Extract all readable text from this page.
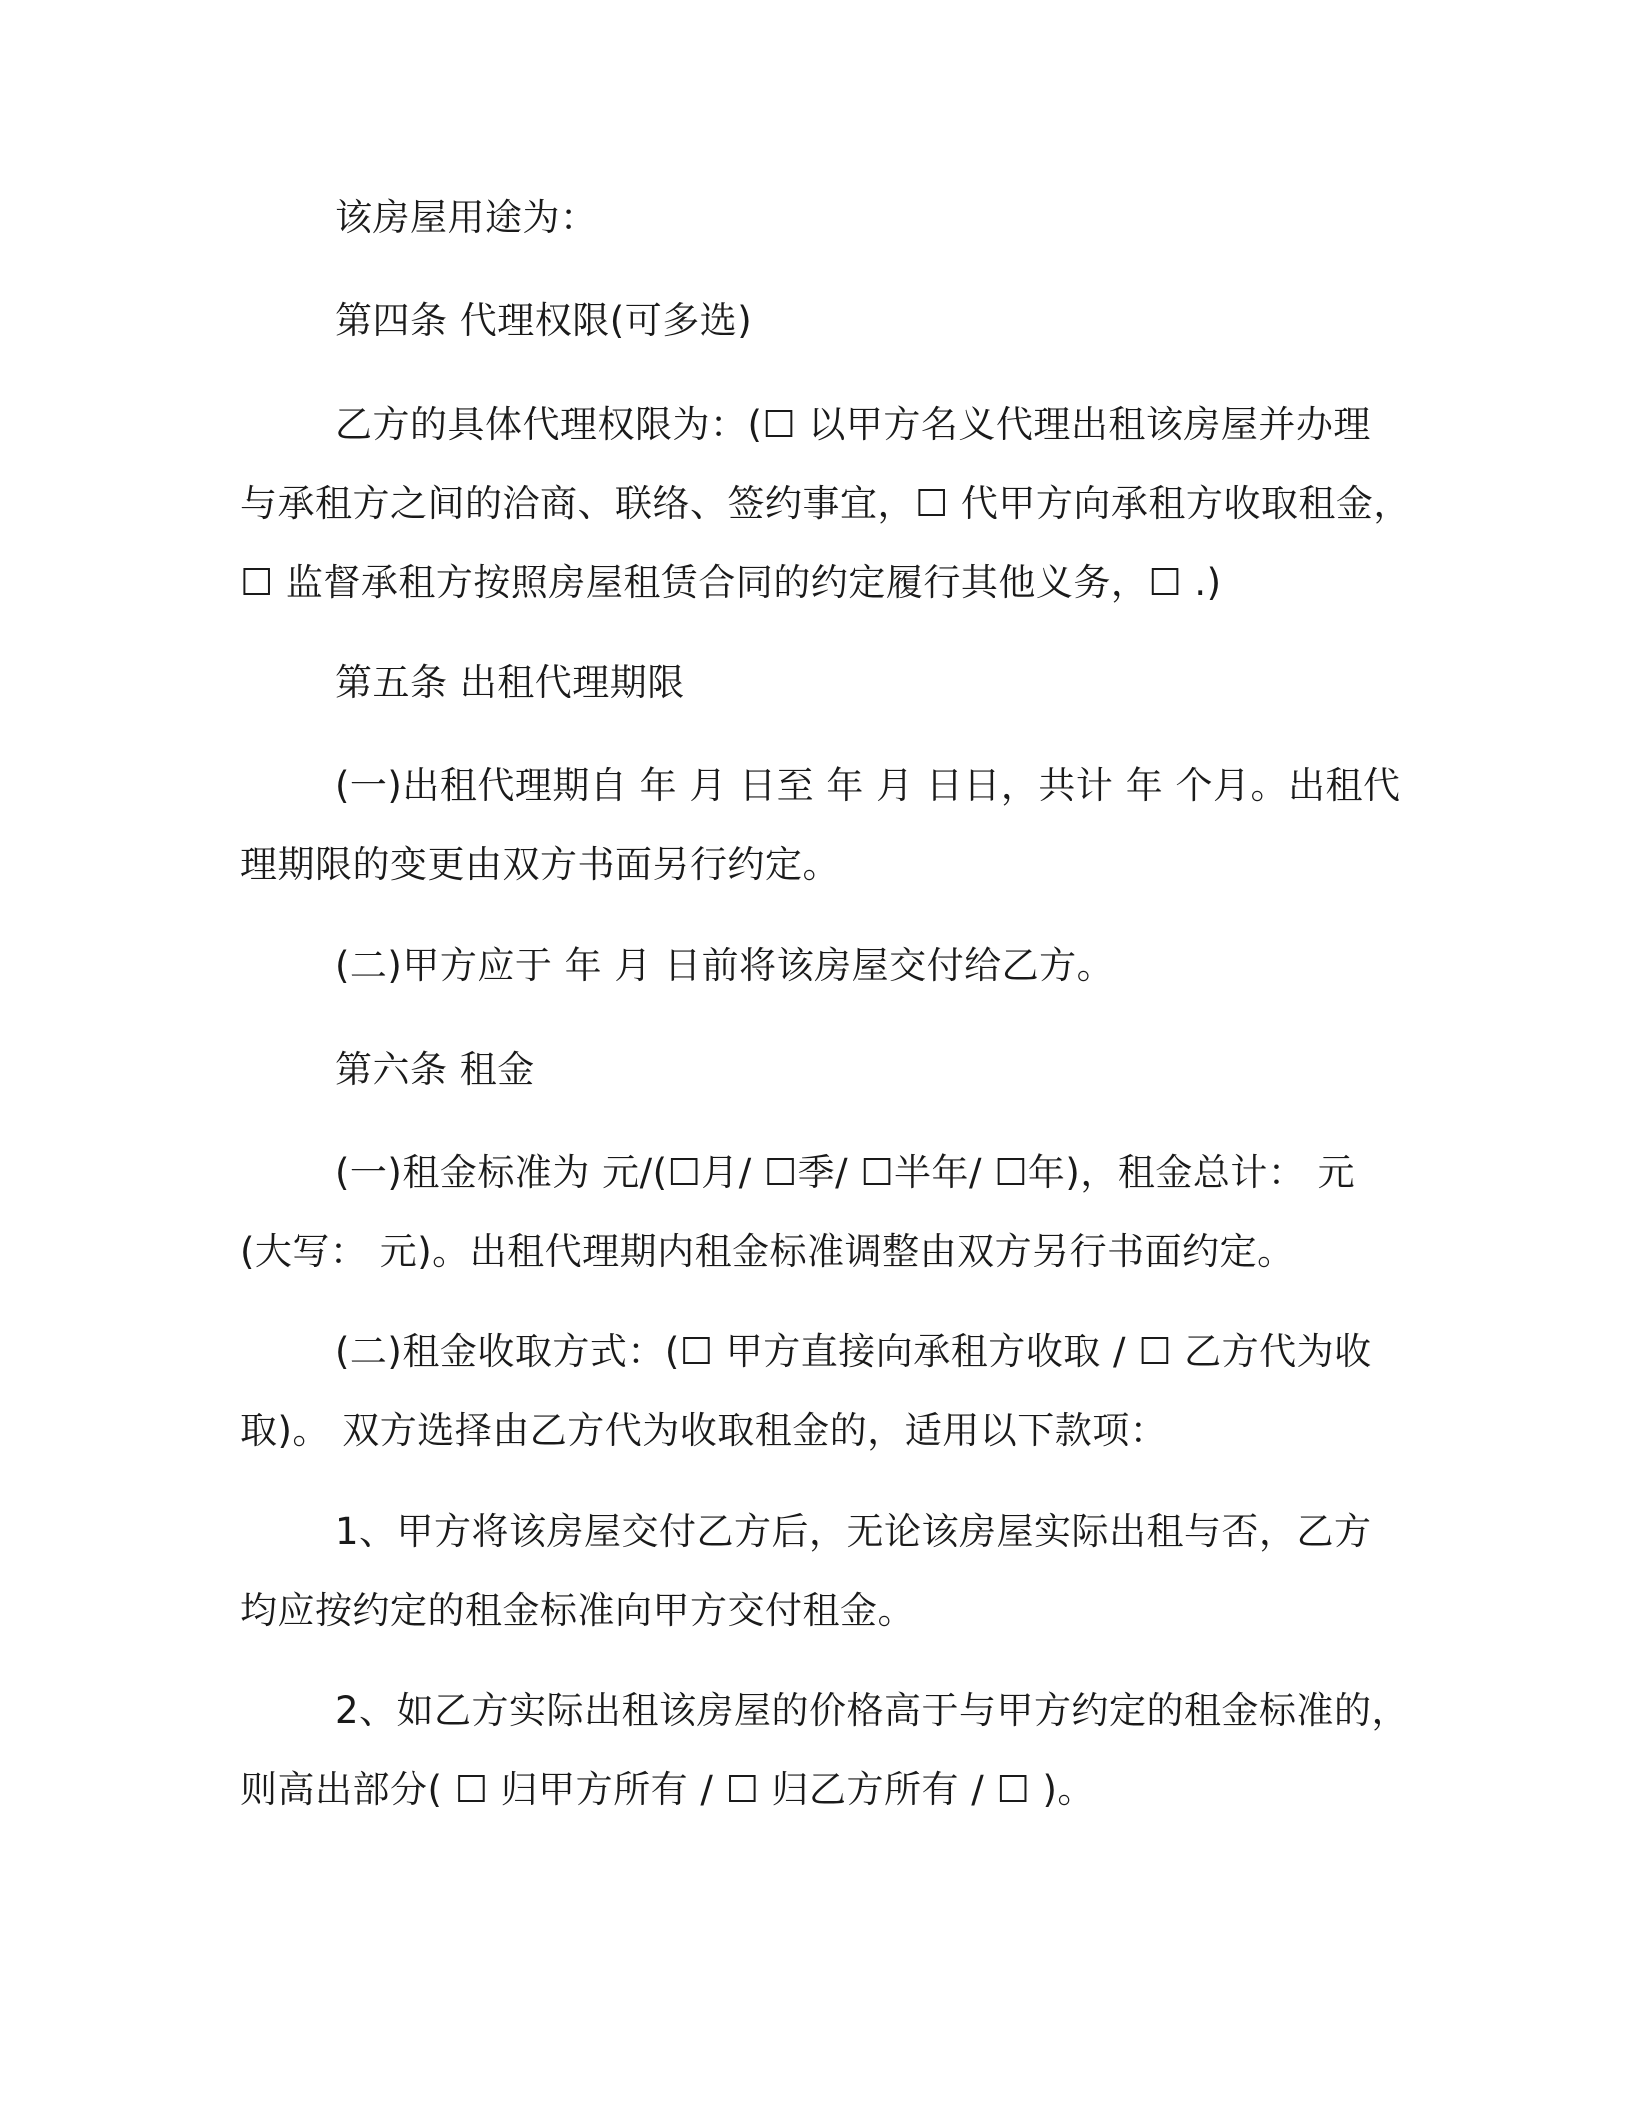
该房屋用途为：
第四条 代理权限(可多选)
乙方的具体代理权限为：(☐ 以甲方名义代理出租该房屋并办理
与承租方之间的洽商、联络、签约事宜，☐ 代甲方向承租方收取租金，
☐ 监督承租方按照房屋租赁合同的约定履行其他义务，☐ .)
第五条 出租代理期限
(一)出租代理期自 年 月 日至 年 月 日日，共计 年 个月。出租代
理期限的变更由双方书面另行约定。
(二)甲方应于 年 月 日前将该房屋交付给乙方。
第六条 租金
(一)租金标准为 元/(☐月/ ☐季/ ☐半年/ ☐年)，租金总计： 元
(大写： 元)。出租代理期内租金标准调整由双方另行书面约定。
(二)租金收取方式：(☐ 甲方直接向承租方收取 / ☐ 乙方代为收
取)。 双方选择由乙方代为收取租金的，适用以下款项：
1、甲方将该房屋交付乙方后，无论该房屋实际出租与否，乙方
均应按约定的租金标准向甲方交付租金。
2、如乙方实际出租该房屋的价格高于与甲方约定的租金标准的，
则高出部分( ☐ 归甲方所有 / ☐ 归乙方所有 / ☐ )。
